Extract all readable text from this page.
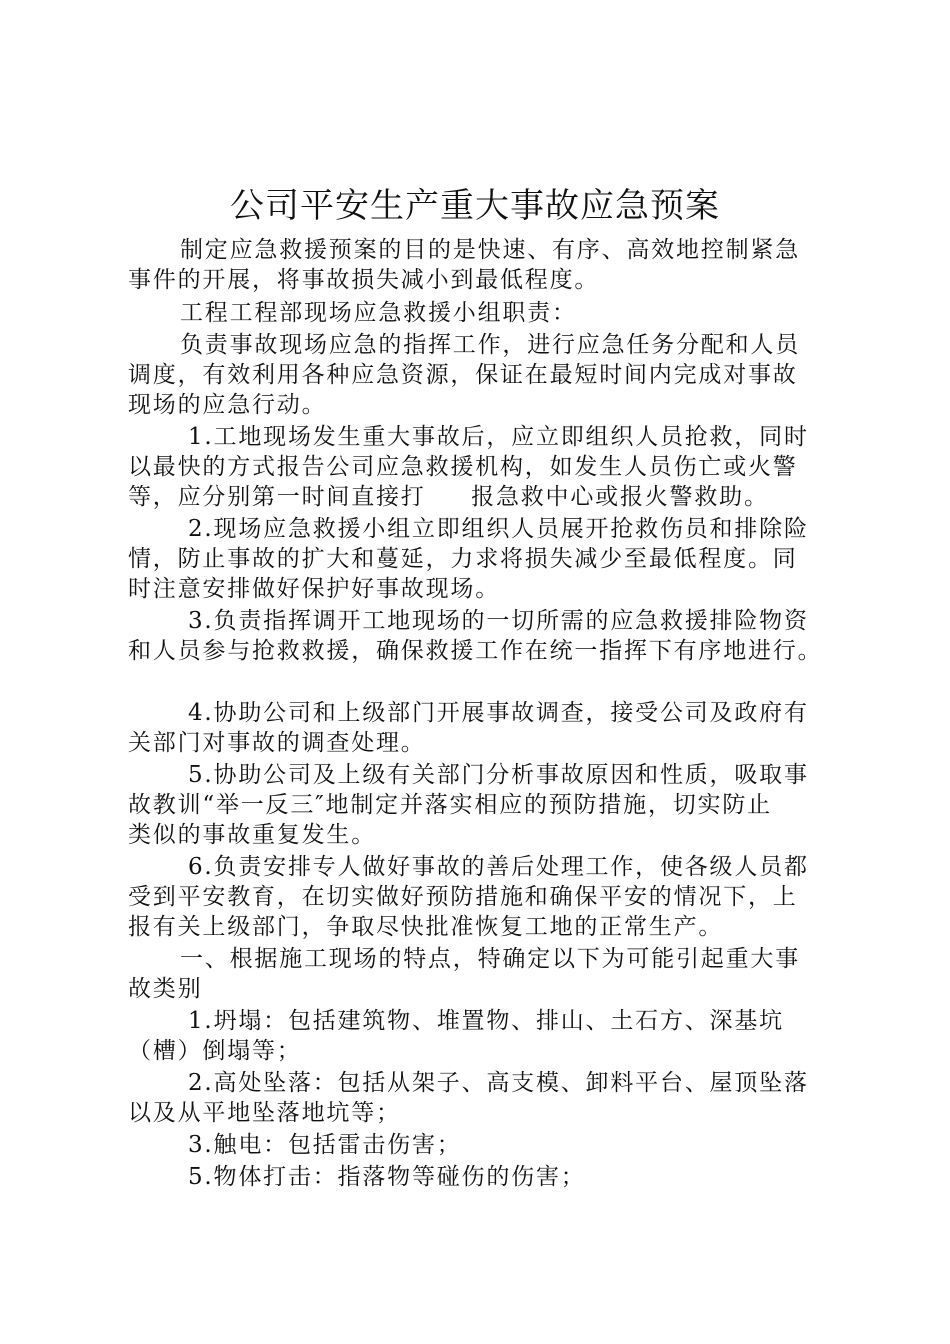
公司平安生产重大事故应急预案
制定应急救援预案的目的是快速、有序、高效地控制紧急
事件的开展，将事故损失减小到最低程度。
工程工程部现场应急救援小组职责：
负责事故现场应急的指挥工作，进行应急任务分配和人员
调度，有效利用各种应急资源，保证在最短时间内完成对事故
现场的应急行动。
1.工地现场发生重大事故后，应立即组织人员抢救，同时
以最快的方式报告公司应急救援机构，如发生人员伤亡或火警
等，应分别第一时间直接打     报急救中心或报火警救助。
2.现场应急救援小组立即组织人员展开抢救伤员和排除险
情，防止事故的扩大和蔓延，力求将损失减少至最低程度。同
时注意安排做好保护好事故现场。
3.负责指挥调开工地现场的一切所需的应急救援排险物资
和人员参与抢救救援，确保救援工作在统一指挥下有序地进行。
4.协助公司和上级部门开展事故调查，接受公司及政府有
关部门对事故的调查处理。
5.协助公司及上级有关部门分析事故原因和性质，吸取事
故教训“举一反三″地制定并落实相应的预防措施，切实防止
类似的事故重复发生。
6.负责安排专人做好事故的善后处理工作，使各级人员都
受到平安教育，在切实做好预防措施和确保平安的情况下，上
报有关上级部门，争取尽快批准恢复工地的正常生产。
一、根据施工现场的特点，特确定以下为可能引起重大事
故类别
1.坍塌：包括建筑物、堆置物、排山、土石方、深基坑
（槽）倒塌等；
2.高处坠落：包括从架子、高支模、卸料平台、屋顶坠落
以及从平地坠落地坑等；
3.触电：包括雷击伤害；
5.物体打击：指落物等碰伤的伤害；
